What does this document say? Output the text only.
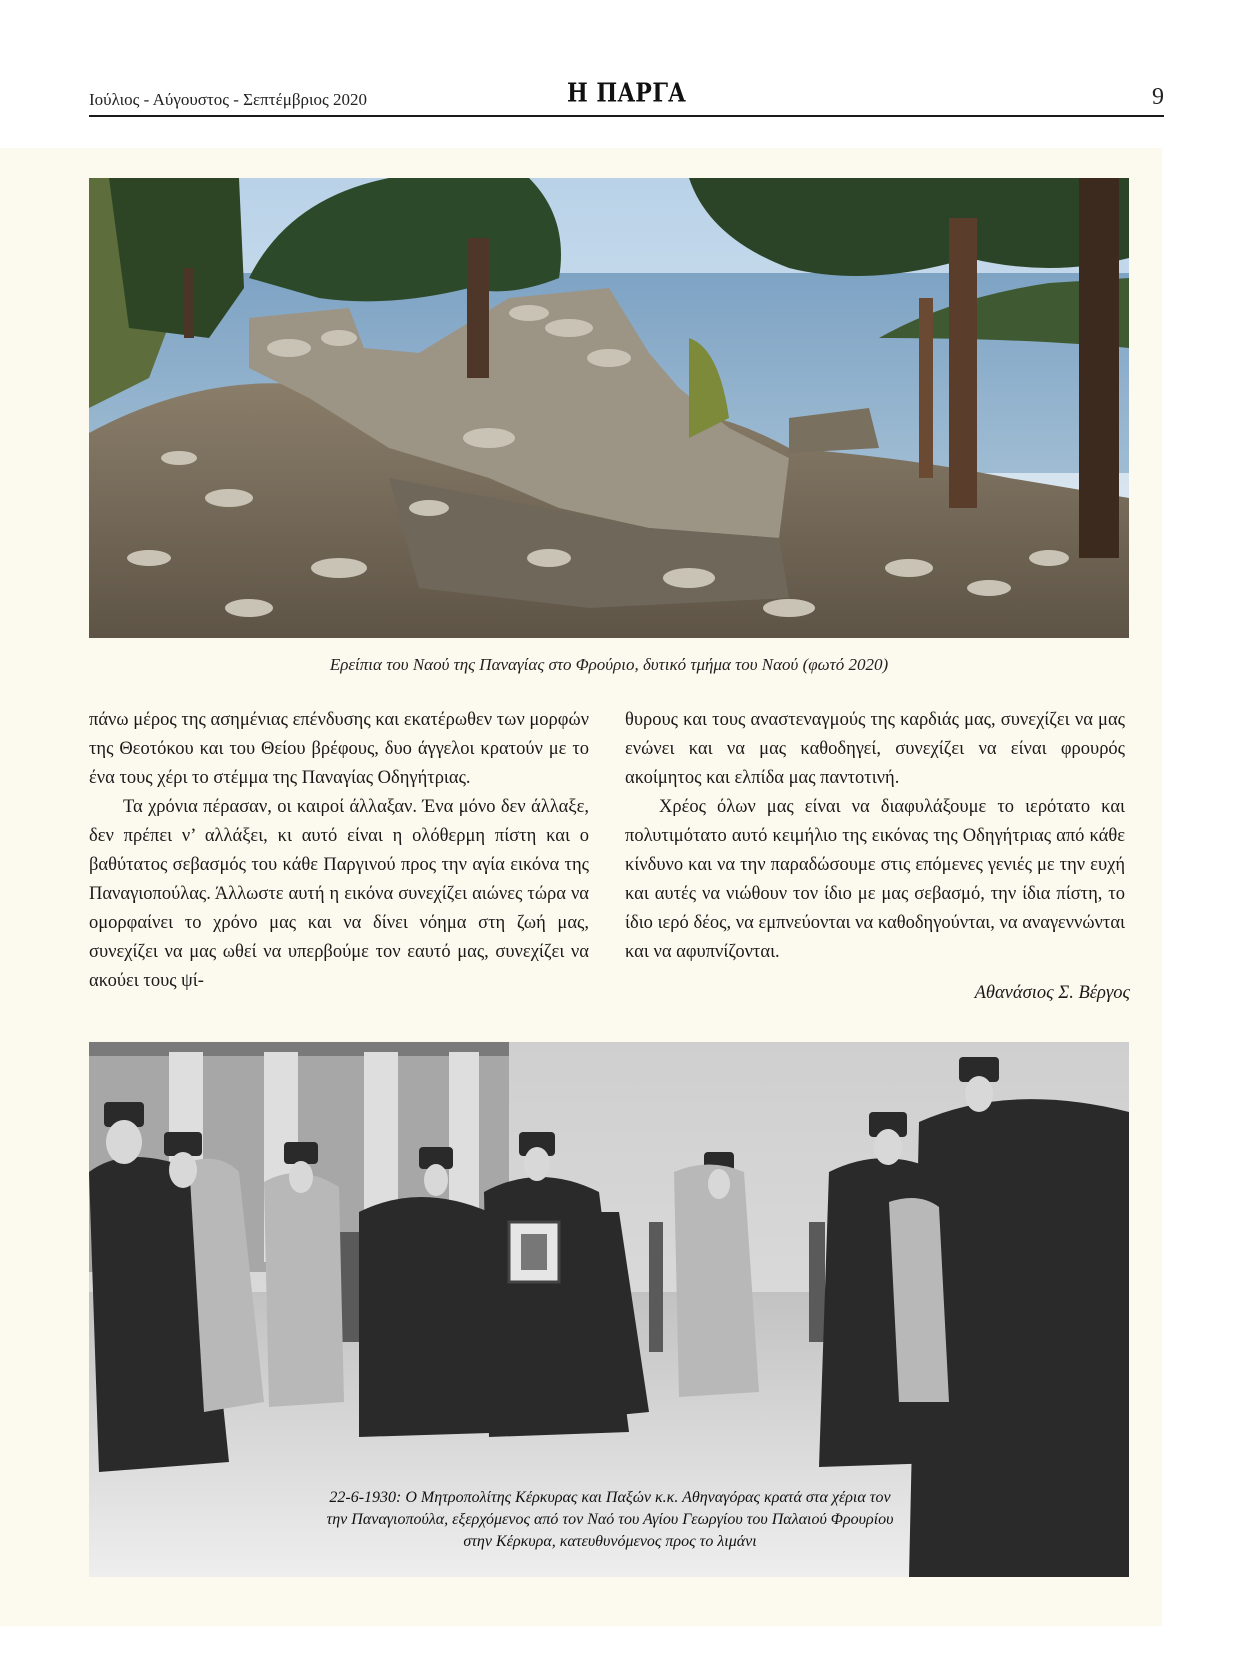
Ιούλιος - Αύγουστος - Σεπτέμβριος 2020	Η ΠΑΡΓΑ	9
Ερείπια του Ναού της Παναγίας στο Φρούριο, δυτικό τμήμα του Ναού (φωτό 2020)

πάνω μέρος της ασημένιας επένδυσης και εκατέρωθεν των μορφών της Θεοτόκου και του Θείου βρέφους, δυο άγγελοι κρατούν με το ένα τους χέρι το στέμμα της Παναγίας Οδηγήτριας.

Τα χρόνια πέρασαν, οι καιροί άλλαξαν. Ένα μόνο δεν άλλαξε, δεν πρέπει ν’ αλλάξει, κι αυτό είναι η ολόθερμη πίστη και ο βαθύτατος σεβασμός του κάθε Παργινού προς την αγία εικόνα της Παναγιοπούλας. Άλλωστε αυτή η εικόνα συνεχίζει αιώνες τώρα να ομορφαίνει το χρόνο μας και να δίνει νόημα στη ζωή μας, συνεχίζει να μας ωθεί να υπερβούμε τον εαυτό μας, συνεχίζει να ακούει τους ψί-

θυρους και τους αναστεναγμούς της καρδιάς μας, συνεχίζει να μας ενώνει και να μας καθοδηγεί, συνεχίζει να είναι φρουρός ακοίμητος και ελπίδα μας παντοτινή.

Χρέος όλων μας είναι να διαφυλάξουμε το ιερότατο και πολυτιμότατο αυτό κειμήλιο της εικόνας της Οδηγήτριας από κάθε κίνδυνο και να την παραδώσουμε στις επόμενες γενιές με την ευχή και αυτές να νιώθουν τον ίδιο με μας σεβασμό, την ίδια πίστη, το ίδιο ιερό δέος, να εμπνεύονται να καθοδηγούνται, να αναγεννώνται και να αφυπνίζονται.

Αθανάσιος Σ. Βέργος
22-6-1930: Ο Μητροπολίτης Κέρκυρας και Παξών κ.κ. Αθηναγόρας κρατά στα χέρια τον
την Παναγιοπούλα, εξερχόμενος από τον Ναό του Αγίου Γεωργίου του Παλαιού Φρουρίου
στην Κέρκυρα, κατευθυνόμενος προς το λιμάνι
